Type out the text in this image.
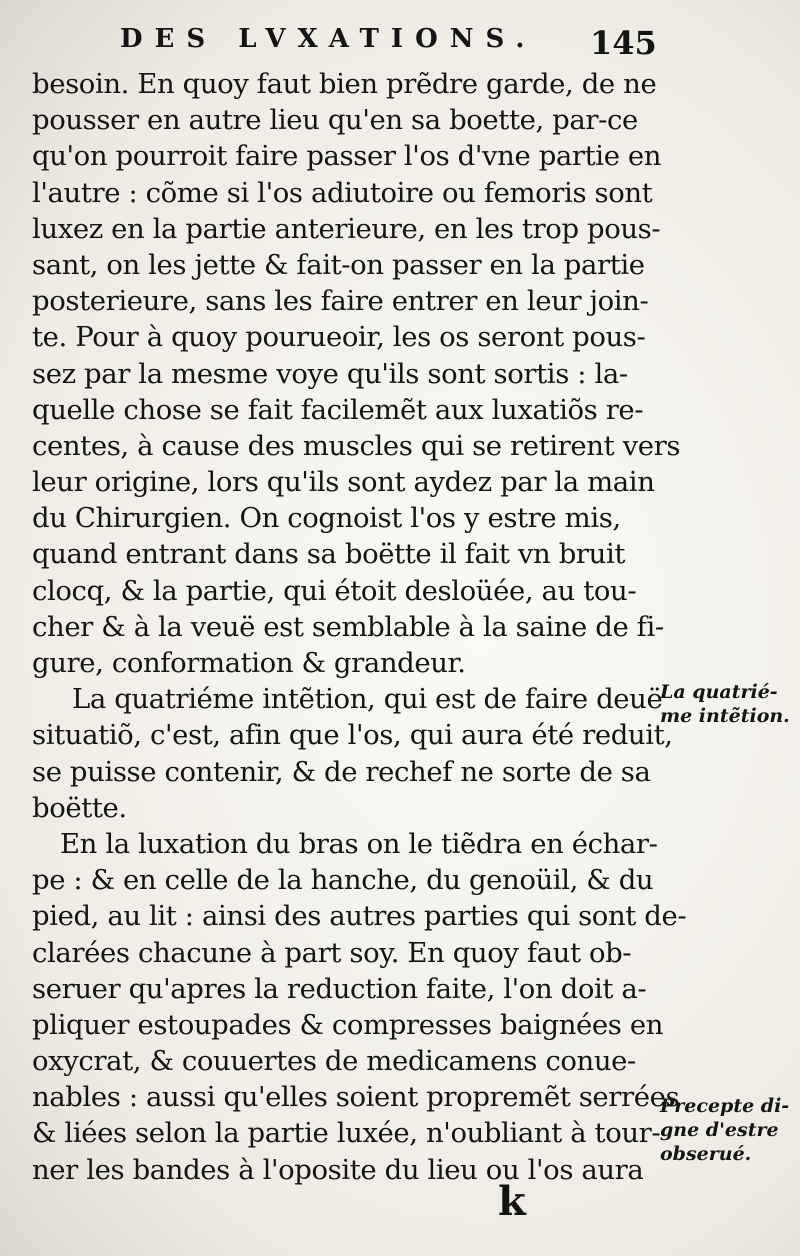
DES LVXATIONS.	145
besoin. En quoy faut bien prẽdre garde, de ne
pousser en autre lieu qu'en sa boette, par-ce
qu'on pourroit faire passer l'os d'vne partie en
l'autre : cõme si l'os adiutoire ou femoris sont
luxez en la partie anterieure, en les trop pous-
sant, on les jette & fait-on passer en la partie
posterieure, sans les faire entrer en leur join-
te. Pour à quoy pourueoir, les os seront pous-
sez par la mesme voye qu'ils sont sortis : la-
quelle chose se fait facilemẽt aux luxatiõs re-
centes, à cause des muscles qui se retirent vers
leur origine, lors qu'ils sont aydez par la main
du Chirurgien. On cognoist l'os y estre mis,
quand entrant dans sa boëtte il fait vn bruit
clocq, & la partie, qui étoit desloüée, au tou-
cher & à la veuë est semblable à la saine de fi-
gure, conformation & grandeur.
La quatriéme intẽtion, qui est de faire deuë
situatiõ, c'est, afin que l'os, qui aura été reduit,
se puisse contenir, & de rechef ne sorte de sa
boëtte.
En la luxation du bras on le tiẽdra en échar-
pe : & en celle de la hanche, du genoüil, & du
pied, au lit : ainsi des autres parties qui sont de-
clarées chacune à part soy. En quoy faut ob-
seruer qu'apres la reduction faite, l'on doit a-
pliquer estoupades & compresses baignées en
oxycrat, & couuertes de medicamens conue-
nables : aussi qu'elles soient propremẽt serrées
& liées selon la partie luxée, n'oubliant à tour-
ner les bandes à l'oposite du lieu ou l'os aura
La quatrié-
me intẽtion.
Precepte di-
gne d'estre
obserué.
k
